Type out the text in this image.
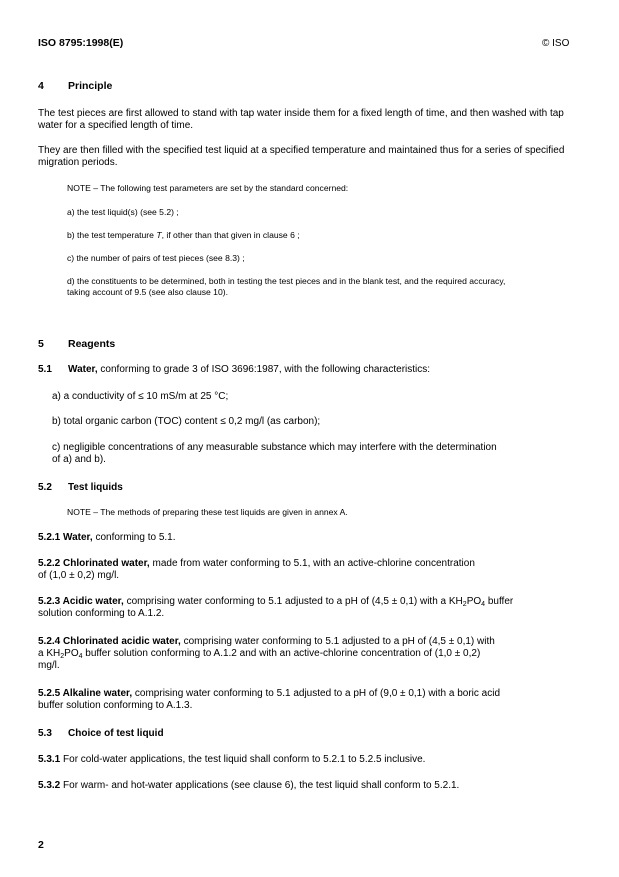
ISO 8795:1998(E)	© ISO
4 Principle
The test pieces are first allowed to stand with tap water inside them for a fixed length of time, and then washed with tap water for a specified length of time.
They are then filled with the specified test liquid at a specified temperature and maintained thus for a series of specified migration periods.
NOTE – The following test parameters are set by the standard concerned:
a) the test liquid(s) (see 5.2) ;
b) the test temperature T, if other than that given in clause 6 ;
c) the number of pairs of test pieces (see 8.3) ;
d) the constituents to be determined, both in testing the test pieces and in the blank test, and the required accuracy, taking account of 9.5 (see also clause 10).
5 Reagents
5.1 Water, conforming to grade 3 of ISO 3696:1987, with the following characteristics:
a) a conductivity of ≤ 10 mS/m at 25 °C;
b) total organic carbon (TOC) content ≤ 0,2 mg/l (as carbon);
c) negligible concentrations of any measurable substance which may interfere with the determination of a) and b).
5.2 Test liquids
NOTE – The methods of preparing these test liquids are given in annex A.
5.2.1 Water, conforming to 5.1.
5.2.2 Chlorinated water, made from water conforming to 5.1, with an active-chlorine concentration of (1,0 ± 0,2) mg/l.
5.2.3 Acidic water, comprising water conforming to 5.1 adjusted to a pH of (4,5 ± 0,1) with a $KH_2PO_4$ buffer solution conforming to A.1.2.
5.2.4 Chlorinated acidic water, comprising water conforming to 5.1 adjusted to a pH of (4,5 ± 0,1) with a $KH_2PO_4$ buffer solution conforming to A.1.2 and with an active-chlorine concentration of (1,0 ± 0,2) mg/l.
5.2.5 Alkaline water, comprising water conforming to 5.1 adjusted to a pH of (9,0 ± 0,1) with a boric acid buffer solution conforming to A.1.3.
5.3 Choice of test liquid
5.3.1 For cold-water applications, the test liquid shall conform to 5.2.1 to 5.2.5 inclusive.
5.3.2 For warm- and hot-water applications (see clause 6), the test liquid shall conform to 5.2.1.
2
